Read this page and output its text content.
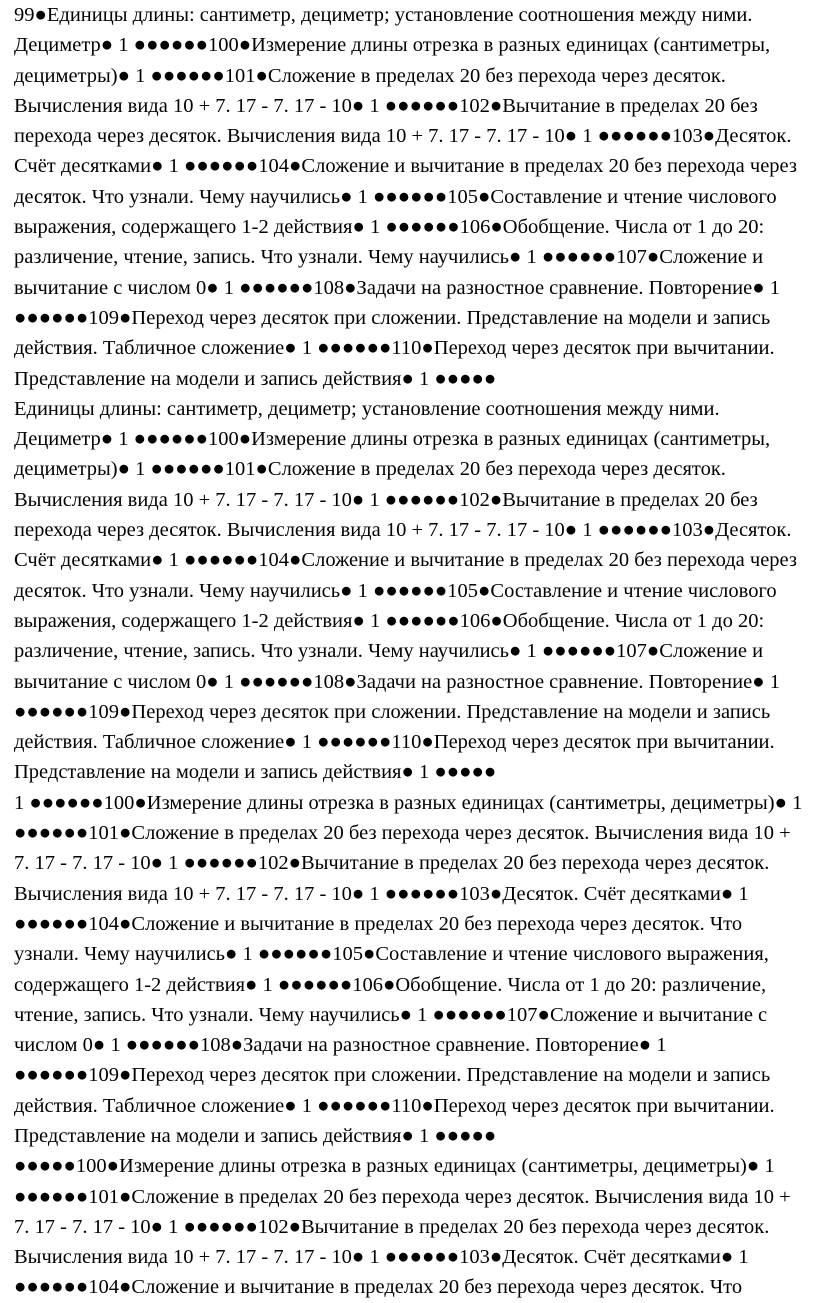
99●Единицы длины: сантиметр, дециметр; установление соотношения между ними. Дециметр● 1 ●●●●●●100●Измерение длины отрезка в разных единицах (сантиметры, дециметры)● 1 ●●●●●●101●Сложение в пределах 20 без перехода через десяток. Вычисления вида 10 + 7. 17 - 7. 17 - 10● 1 ●●●●●●102●Вычитание в пределах 20 без перехода через десяток. Вычисления вида 10 + 7. 17 - 7. 17 - 10● 1 ●●●●●●103●Десяток. Счёт десятками● 1 ●●●●●●104●Сложение и вычитание в пределах 20 без перехода через десяток. Что узнали. Чему научились● 1 ●●●●●●105●Составление и чтение числового выражения, содержащего 1-2 действия● 1 ●●●●●●106●Обобщение. Числа от 1 до 20: различение, чтение, запись. Что узнали. Чему научились● 1 ●●●●●●107●Сложение и вычитание с числом 0● 1 ●●●●●●108●Задачи на разностное сравнение. Повторение● 1 ●●●●●●109●Переход через десяток при сложении. Представление на модели и запись действия. Табличное сложение● 1 ●●●●●●110●Переход через десяток при вычитании. Представление на модели и запись действия● 1 ●●●●●

Единицы длины: сантиметр, дециметр; установление соотношения между ними. Дециметр● 1 ●●●●●●100●Измерение длины отрезка в разных единицах (сантиметры, дециметры)● 1 ●●●●●●101●Сложение в пределах 20 без перехода через десяток. Вычисления вида 10 + 7. 17 - 7. 17 - 10● 1 ●●●●●●102●Вычитание в пределах 20 без перехода через десяток. Вычисления вида 10 + 7. 17 - 7. 17 - 10● 1 ●●●●●●103●Десяток. Счёт десятками● 1 ●●●●●●104●Сложение и вычитание в пределах 20 без перехода через десяток. Что узнали. Чему научились● 1 ●●●●●●105●Составление и чтение числового выражения, содержащего 1-2 действия● 1 ●●●●●●106●Обобщение. Числа от 1 до 20: различение, чтение, запись. Что узнали. Чему научились● 1 ●●●●●●107●Сложение и вычитание с числом 0● 1 ●●●●●●108●Задачи на разностное сравнение. Повторение● 1 ●●●●●●109●Переход через десяток при сложении. Представление на модели и запись действия. Табличное сложение● 1 ●●●●●●110●Переход через десяток при вычитании. Представление на модели и запись действия● 1 ●●●●●

1 ●●●●●●100●Измерение длины отрезка в разных единицах (сантиметры, дециметры)● 1 ●●●●●●101●Сложение в пределах 20 без перехода через десяток. Вычисления вида 10 + 7. 17 - 7. 17 - 10● 1 ●●●●●●102●Вычитание в пределах 20 без перехода через десяток. Вычисления вида 10 + 7. 17 - 7. 17 - 10● 1 ●●●●●●103●Десяток. Счёт десятками● 1 ●●●●●●104●Сложение и вычитание в пределах 20 без перехода через десяток. Что узнали. Чему научились● 1 ●●●●●●105●Составление и чтение числового выражения, содержащего 1-2 действия● 1 ●●●●●●106●Обобщение. Числа от 1 до 20: различение, чтение, запись. Что узнали. Чему научились● 1 ●●●●●●107●Сложение и вычитание с числом 0● 1 ●●●●●●108●Задачи на разностное сравнение. Повторение● 1 ●●●●●●109●Переход через десяток при сложении. Представление на модели и запись действия. Табличное сложение● 1 ●●●●●●110●Переход через десяток при вычитании. Представление на модели и запись действия● 1 ●●●●●

●●●●●100●Измерение длины отрезка в разных единицах (сантиметры, дециметры)● 1 ●●●●●●101●Сложение в пределах 20 без перехода через десяток. Вычисления вида 10 + 7. 17 - 7. 17 - 10● 1 ●●●●●●102●Вычитание в пределах 20 без перехода через десяток. Вычисления вида 10 + 7. 17 - 7. 17 - 10● 1 ●●●●●●103●Десяток. Счёт десятками● 1 ●●●●●●104●Сложение и вычитание в пределах 20 без перехода через десяток. Что
